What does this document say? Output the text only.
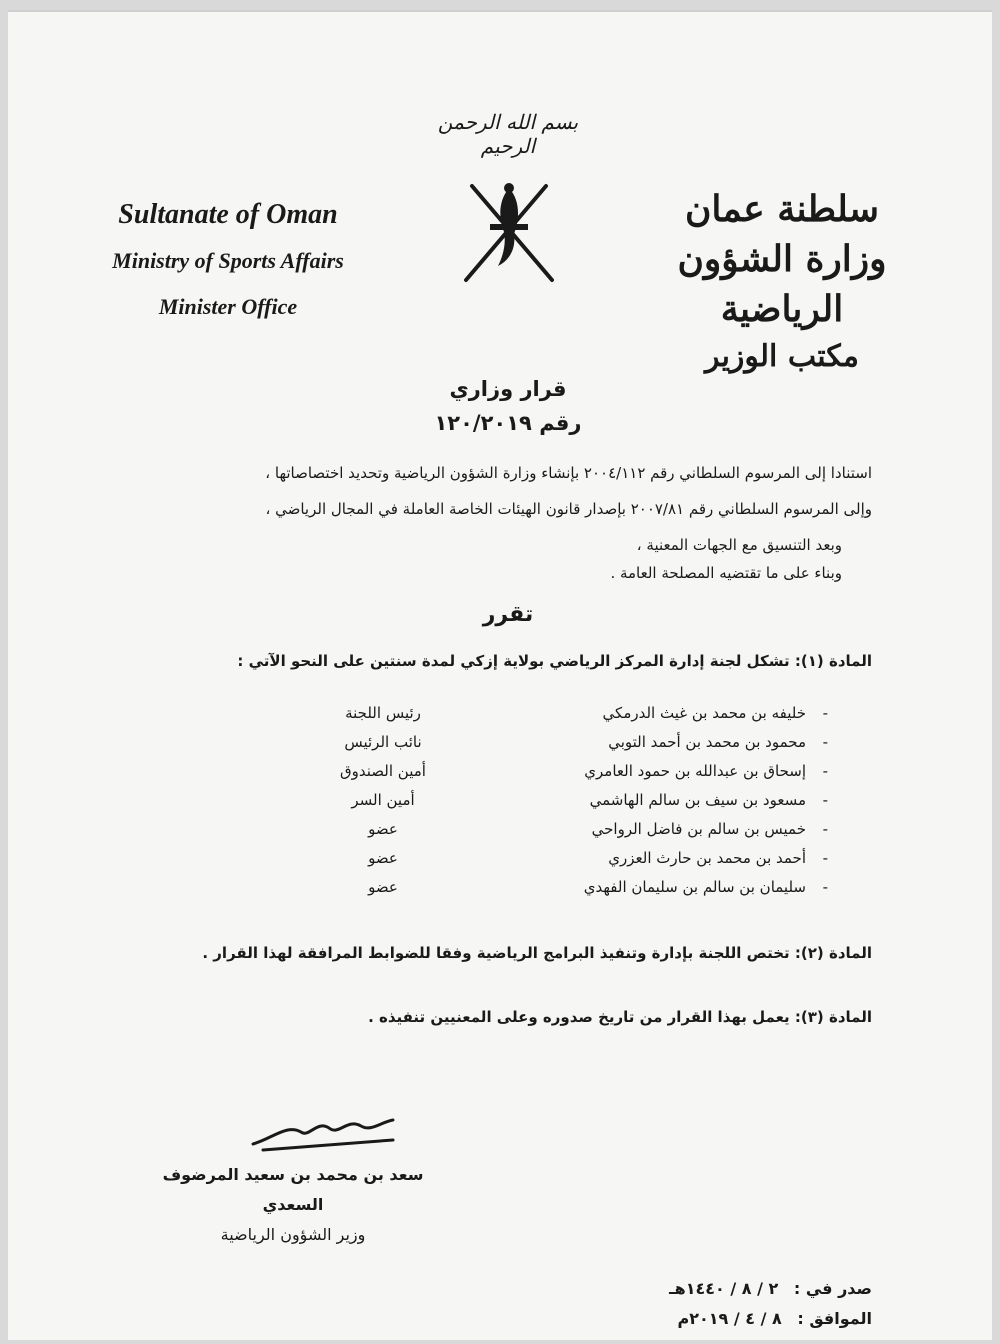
بسم الله الرحمن الرحيم
Sultanate of Oman
Ministry of Sports Affairs
Minister Office
سلطنة عمان
وزارة الشؤون الرياضية
مكتب الوزير
قرار وزاري
رقم ١٢٠/٢٠١٩
استنادا إلى المرسوم السلطاني رقم ٢٠٠٤/١١٢ بإنشاء وزارة الشؤون الرياضية وتحديد اختصاصاتها ،
وإلى المرسوم السلطاني رقم ٢٠٠٧/٨١ بإصدار قانون الهيئات الخاصة العاملة في المجال الرياضي ،
وبعد التنسيق مع الجهات المعنية ،
وبناء على ما تقتضيه المصلحة العامة .
تقرر
المادة (١): تشكل لجنة إدارة المركز الرياضي بولاية إزكي لمدة سنتين على النحو الآتي :
-
خليفه بن محمد بن غيث الدرمكي
رئيس اللجنة
-
محمود بن محمد بن أحمد التوبي
نائب الرئيس
-
إسحاق بن عبدالله بن حمود العامري
أمين الصندوق
-
مسعود بن سيف بن سالم الهاشمي
أمين السر
-
خميس بن سالم بن فاضل الرواحي
عضو
-
أحمد بن محمد بن حارث العزري
عضو
-
سليمان بن سالم بن سليمان الفهدي
عضو
المادة (٢): تختص اللجنة بإدارة وتنفيذ البرامج الرياضية وفقا للضوابط المرافقة لهذا القرار .
المادة (٣): يعمل بهذا القرار من تاريخ صدوره وعلى المعنيين تنفيذه .
سعد بن محمد بن سعيد المرضوف السعدي
وزير الشؤون الرياضية
صدر في : ٢ / ٨ / ١٤٤٠هـ
الموافق : ٨ / ٤ / ٢٠١٩م
